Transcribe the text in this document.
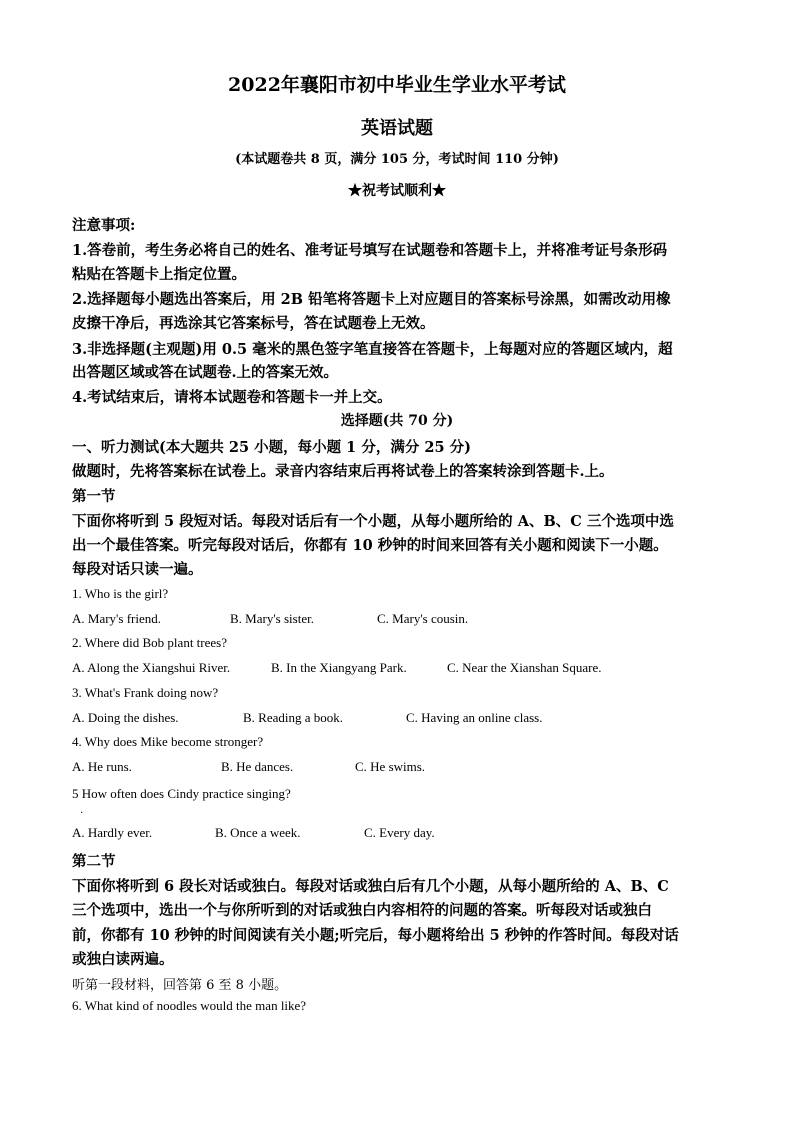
2022年襄阳市初中毕业生学业水平考试
英语试题
(本试题卷共 8 页，满分 105 分，考试时间 110 分钟)
★祝考试顺利★
注意事项:
1.答卷前，考生务必将自己的姓名、准考证号填写在试题卷和答题卡上，并将准考证号条形码
粘贴在答题卡上指定位置。
2.选择题每小题选出答案后，用 2B 铅笔将答题卡上对应题目的答案标号涂黑，如需改动用橡
皮擦干净后，再选涂其它答案标号，答在试题卷上无效。
3.非选择题(主观题)用 0.5 毫米的黑色签字笔直接答在答题卡，上每题对应的答题区域内，超
出答题区域或答在试题卷.上的答案无效。
4.考试结束后，请将本试题卷和答题卡一并上交。
选择题(共 70 分)
一、听力测试(本大题共 25 小题，每小题 1 分，满分 25 分)
做题时，先将答案标在试卷上。录音内容结束后再将试卷上的答案转涂到答题卡.上。
第一节
下面你将听到 5 段短对话。每段对话后有一个小题，从每小题所给的 A、B、C 三个选项中选
出一个最佳答案。听完每段对话后，你都有 10 秒钟的时间来回答有关小题和阅读下一小题。
每段对话只读一遍。
1. Who is the girl?
A. Mary's friend.	B. Mary's sister.	C. Mary's cousin.
2. Where did Bob plant trees?
A. Along the Xiangshui River.	B. In the Xiangyang Park.	C. Near the Xianshan Square.
3. What's Frank doing now?
A. Doing the dishes.	B. Reading a book.	C. Having an online class.
4. Why does Mike become stronger?
A. He runs.	B. He dances.	C. He swims.
5 How often does Cindy practice singing?
·
A. Hardly ever.	B. Once a week.	C. Every day.
第二节
下面你将听到 6 段长对话或独白。每段对话或独白后有几个小题，从每小题所给的 A、B、C
三个选项中，选出一个与你所听到的对话或独白内容相符的问题的答案。听每段对话或独白
前，你都有 10 秒钟的时间阅读有关小题;听完后，每小题将给出 5 秒钟的作答时间。每段对话
或独白读两遍。
听第一段材料，回答第 6 至 8 小题。
6. What kind of noodles would the man like?
